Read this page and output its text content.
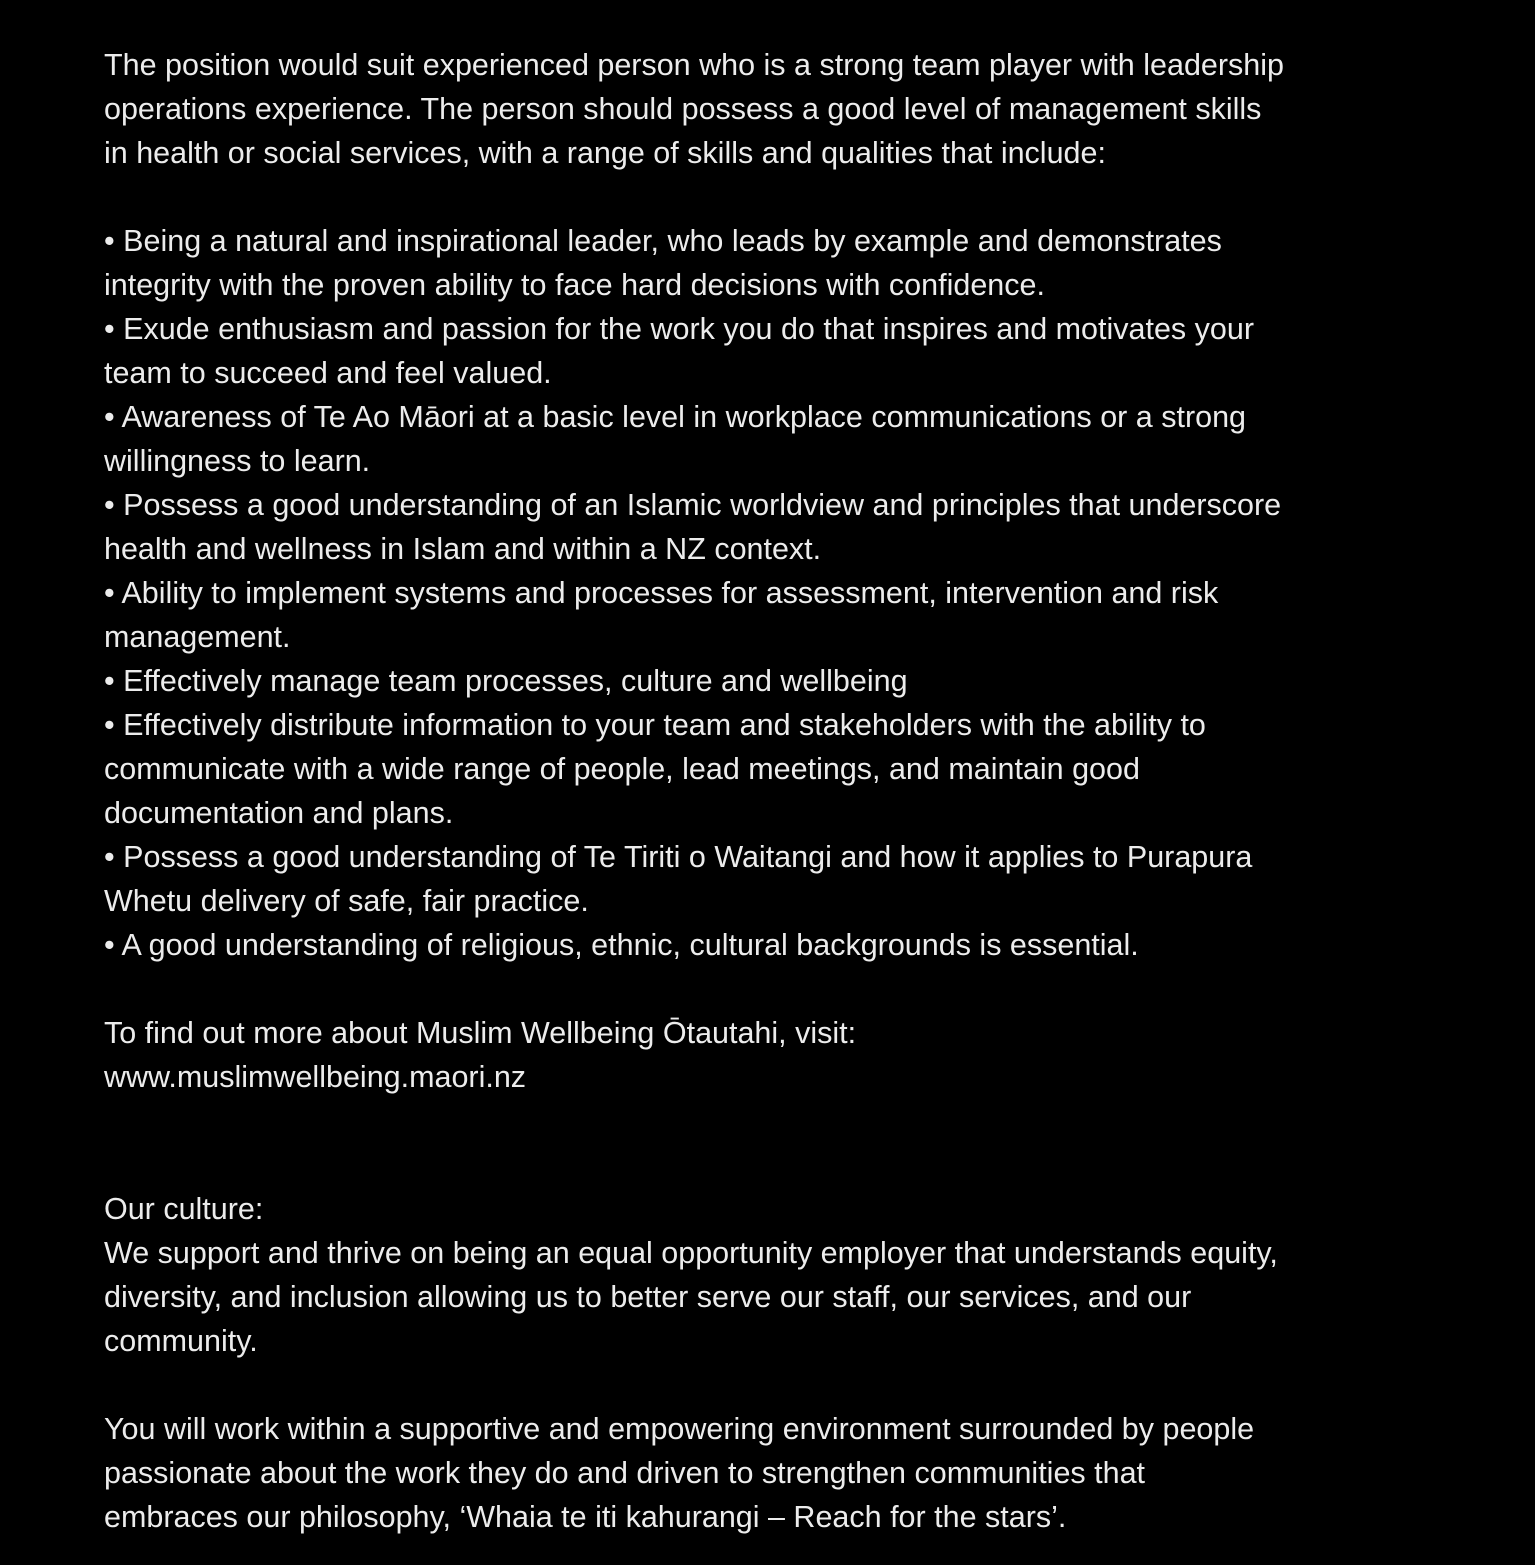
The position would suit experienced person who is a strong team player with leadership
operations experience. The person should possess a good level of management skills
in health or social services, with a range of skills and qualities that include:
• Being a natural and inspirational leader, who leads by example and demonstrates
integrity with the proven ability to face hard decisions with confidence.
• Exude enthusiasm and passion for the work you do that inspires and motivates your
team to succeed and feel valued.
• Awareness of Te Ao Māori at a basic level in workplace communications or a strong
willingness to learn.
• Possess a good understanding of an Islamic worldview and principles that underscore
health and wellness in Islam and within a NZ context.
• Ability to implement systems and processes for assessment, intervention and risk
management.
• Effectively manage team processes, culture and wellbeing
• Effectively distribute information to your team and stakeholders with the ability to
communicate with a wide range of people, lead meetings, and maintain good
documentation and plans.
• Possess a good understanding of Te Tiriti o Waitangi and how it applies to Purapura
Whetu delivery of safe, fair practice.
• A good understanding of religious, ethnic, cultural backgrounds is essential.
To find out more about Muslim Wellbeing Ōtautahi, visit:
www.muslimwellbeing.maori.nz
Our culture:
We support and thrive on being an equal opportunity employer that understands equity,
diversity, and inclusion allowing us to better serve our staff, our services, and our
community.
You will work within a supportive and empowering environment surrounded by people
passionate about the work they do and driven to strengthen communities that
embraces our philosophy, ‘Whaia te iti kahurangi – Reach for the stars’.
